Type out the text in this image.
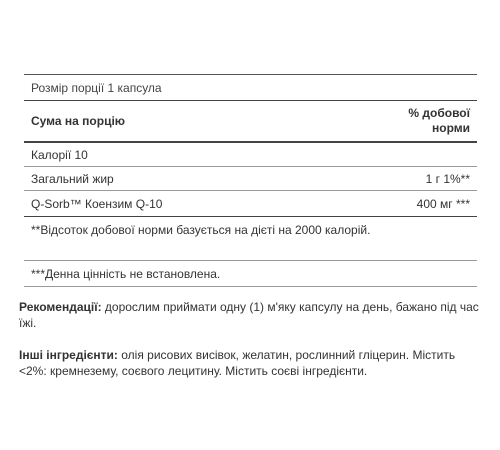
Розмір порції 1 капсула
Сума на порцію
% добової
норми
Калорії 10
Загальний жир	1 г 1%**
Q-Sorb™ Коензим Q-10	400 мг ***
**Відсоток добової норми базується на дієті на 2000 калорій.
***Денна цінність не встановлена.
Рекомендації: дорослим приймати одну (1) м'яку капсулу на день, бажано під час їжі.
Інші інгредієнти: олія рисових висівок, желатин, рослинний гліцерин. Містить <2%: кремнезему, соєвого лецитину. Містить соєві інгредієнти.
